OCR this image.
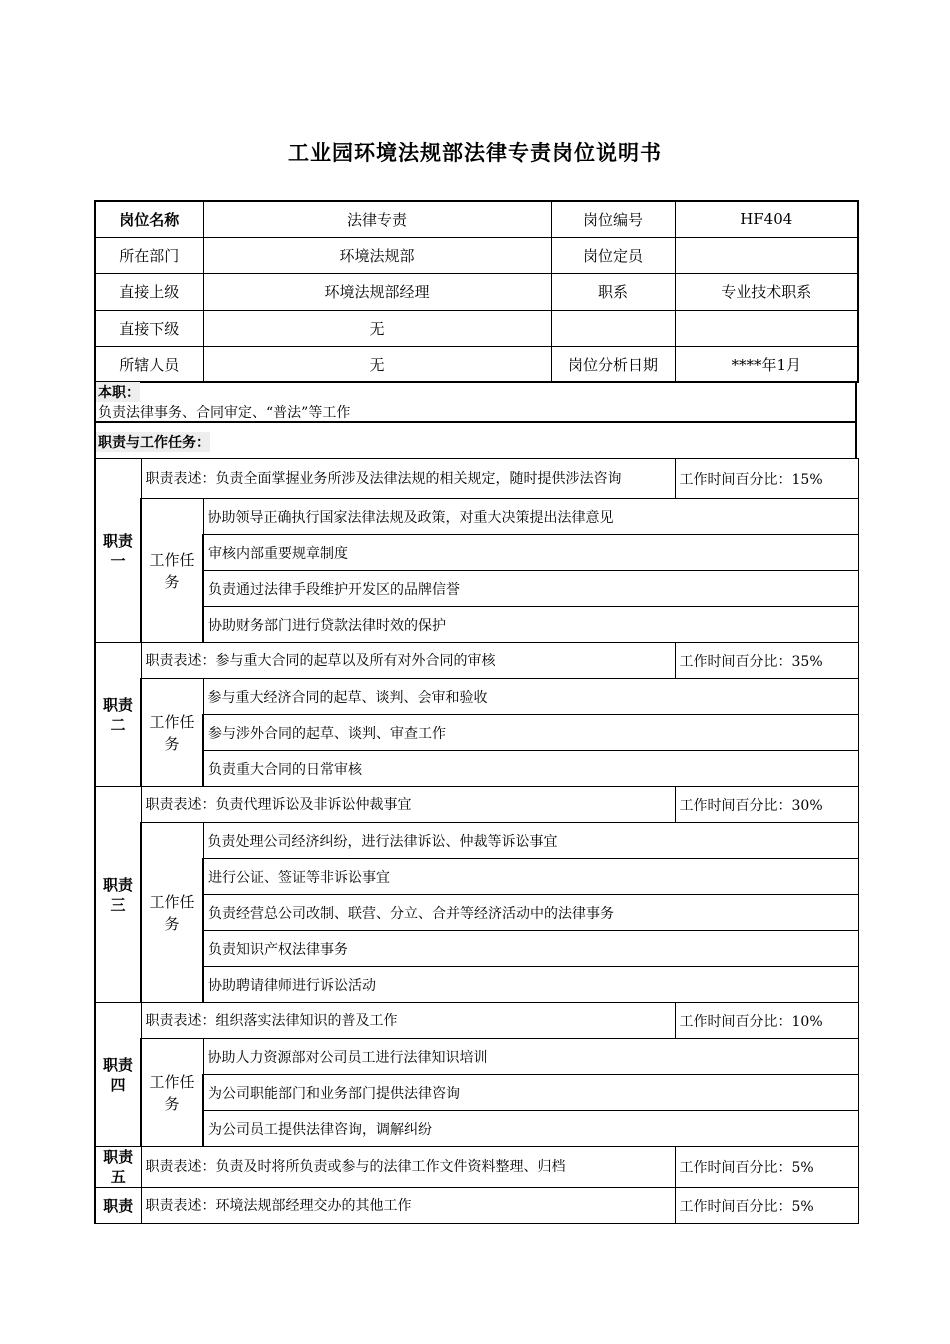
工业园环境法规部法律专责岗位说明书
岗位名称	法律专责	岗位编号	HF404
所在部门	环境法规部	岗位定员	
直接上级	环境法规部经理	职系	专业技术职系
直接下级	无		
所辖人员	无	岗位分析日期	****年1月
本职：
负责法律事务、合同审定、“普法”等工作
职责与工作任务：
职责一	职责表述：负责全面掌握业务所涉及法律法规的相关规定，随时提供涉法咨询		工作时间百分比：15%
	工作任务	协助领导正确执行国家法律法规及政策，对重大决策提出法律意见	
		审核内部重要规章制度	
		负责通过法律手段维护开发区的品牌信誉	
		协助财务部门进行贷款法律时效的保护	
职责二	职责表述：参与重大合同的起草以及所有对外合同的审核		工作时间百分比：35%
	工作任务	参与重大经济合同的起草、谈判、会审和验收	
		参与涉外合同的起草、谈判、审查工作	
		负责重大合同的日常审核	
职责三	职责表述：负责代理诉讼及非诉讼仲裁事宜		工作时间百分比：30%
	工作任务	负责处理公司经济纠纷，进行法律诉讼、仲裁等诉讼事宜	
		进行公证、签证等非诉讼事宜	
		负责经营总公司改制、联营、分立、合并等经济活动中的法律事务	
		负责知识产权法律事务	
		协助聘请律师进行诉讼活动	
职责四	职责表述：组织落实法律知识的普及工作		工作时间百分比：10%
	工作任务	协助人力资源部对公司员工进行法律知识培训	
		为公司职能部门和业务部门提供法律咨询	
		为公司员工提供法律咨询，调解纠纷	
职责五	职责表述：负责及时将所负责或参与的法律工作文件资料整理、归档		工作时间百分比：5%
职责	职责表述：环境法规部经理交办的其他工作		工作时间百分比：5%
